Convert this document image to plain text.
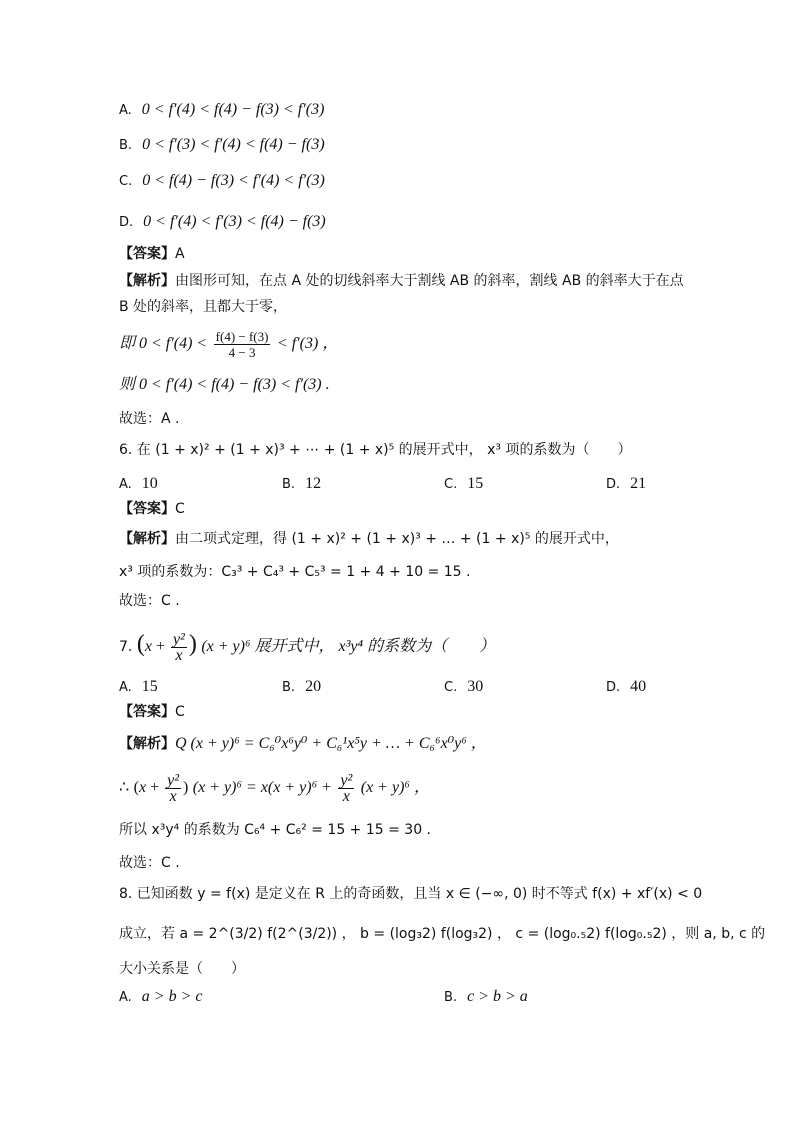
A. 0 < f′(4) < f(4) − f(3) < f′(3)
B. 0 < f′(3) < f′(4) < f(4) − f(3)
C. 0 < f(4) − f(3) < f′(4) < f′(3)
D. 0 < f′(4) < f′(3) < f(4) − f(3)
【答案】A
【解析】由图形可知，在点 A 处的切线斜率大于割线 AB 的斜率，割线 AB 的斜率大于在点
B 处的斜率，且都大于零，
即 $0 < f'(4) < \frac{f(4) - f(3)}{4 - 3} < f'(3)$ ，
则 0 < f′(4) < f(4) − f(3) < f′(3) .
故选：A .
6. 在 (1 + x)² + (1 + x)³ + ⋯ + (1 + x)⁵ 的展开式中， x³ 项的系数为（　　）
A. 10	B. 12	C. 15	D. 21
【答案】C
【解析】由二项式定理，得 (1 + x)² + (1 + x)³ + … + (1 + x)⁵ 的展开式中，
x³ 项的系数为：C₃³ + C₄³ + C₅³ = 1 + 4 + 10 = 15 .
故选：C .
7. ($x + \frac{\text{y²}}{x}$ ) (x + y)⁶ 展开式中， x³y⁴ 的系数为（　　）
A. 15	B. 20	C. 30	D. 40
【答案】C
【解析】Q (x + y)⁶ = C₆⁰x⁶y⁰ + C₆¹x⁵y + … + C₆⁶x⁰y⁶ ，
∴ ($x + \frac{\text{y²}}{x}$ ) $(x + y)^6 = x(x + y)^6 + \frac{\text{y²}}{x} (x + y)^6$ ，
所以 x³y⁴ 的系数为 C₆⁴ + C₆² = 15 + 15 = 30 .
故选：C .
8. 已知函数 y = f(x) 是定义在 R 上的奇函数，且当 x ∈ (−∞, 0) 时不等式 f(x) + xf′(x) < 0
成立，若 a = 2^(3/2) f(2^(3/2)) ， b = (log₃2) f(log₃2) ， c = (log₀.₅2) f(log₀.₅2) ，则 a, b, c 的
大小关系是（　　）
A. a > b > c	B. c > b > a
